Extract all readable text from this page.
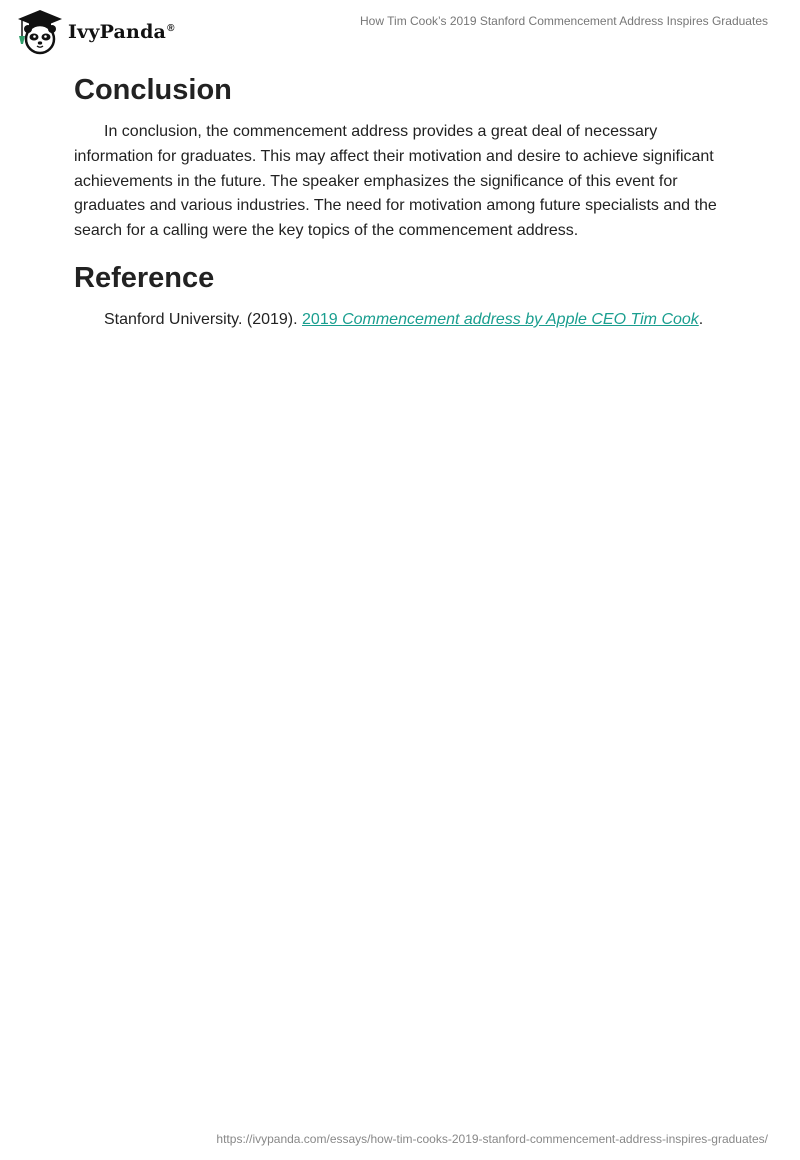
IvyPanda®
How Tim Cook’s 2019 Stanford Commencement Address Inspires Graduates
Conclusion

In conclusion, the commencement address provides a great deal of necessary information for graduates. This may affect their motivation and desire to achieve significant achievements in the future. The speaker emphasizes the significance of this event for graduates and various industries. The need for motivation among future specialists and the search for a calling were the key topics of the commencement address.

Reference

Stanford University. (2019). 2019 Commencement address by Apple CEO Tim Cook.

https://ivypanda.com/essays/how-tim-cooks-2019-stanford-commencement-address-inspires-graduates/
